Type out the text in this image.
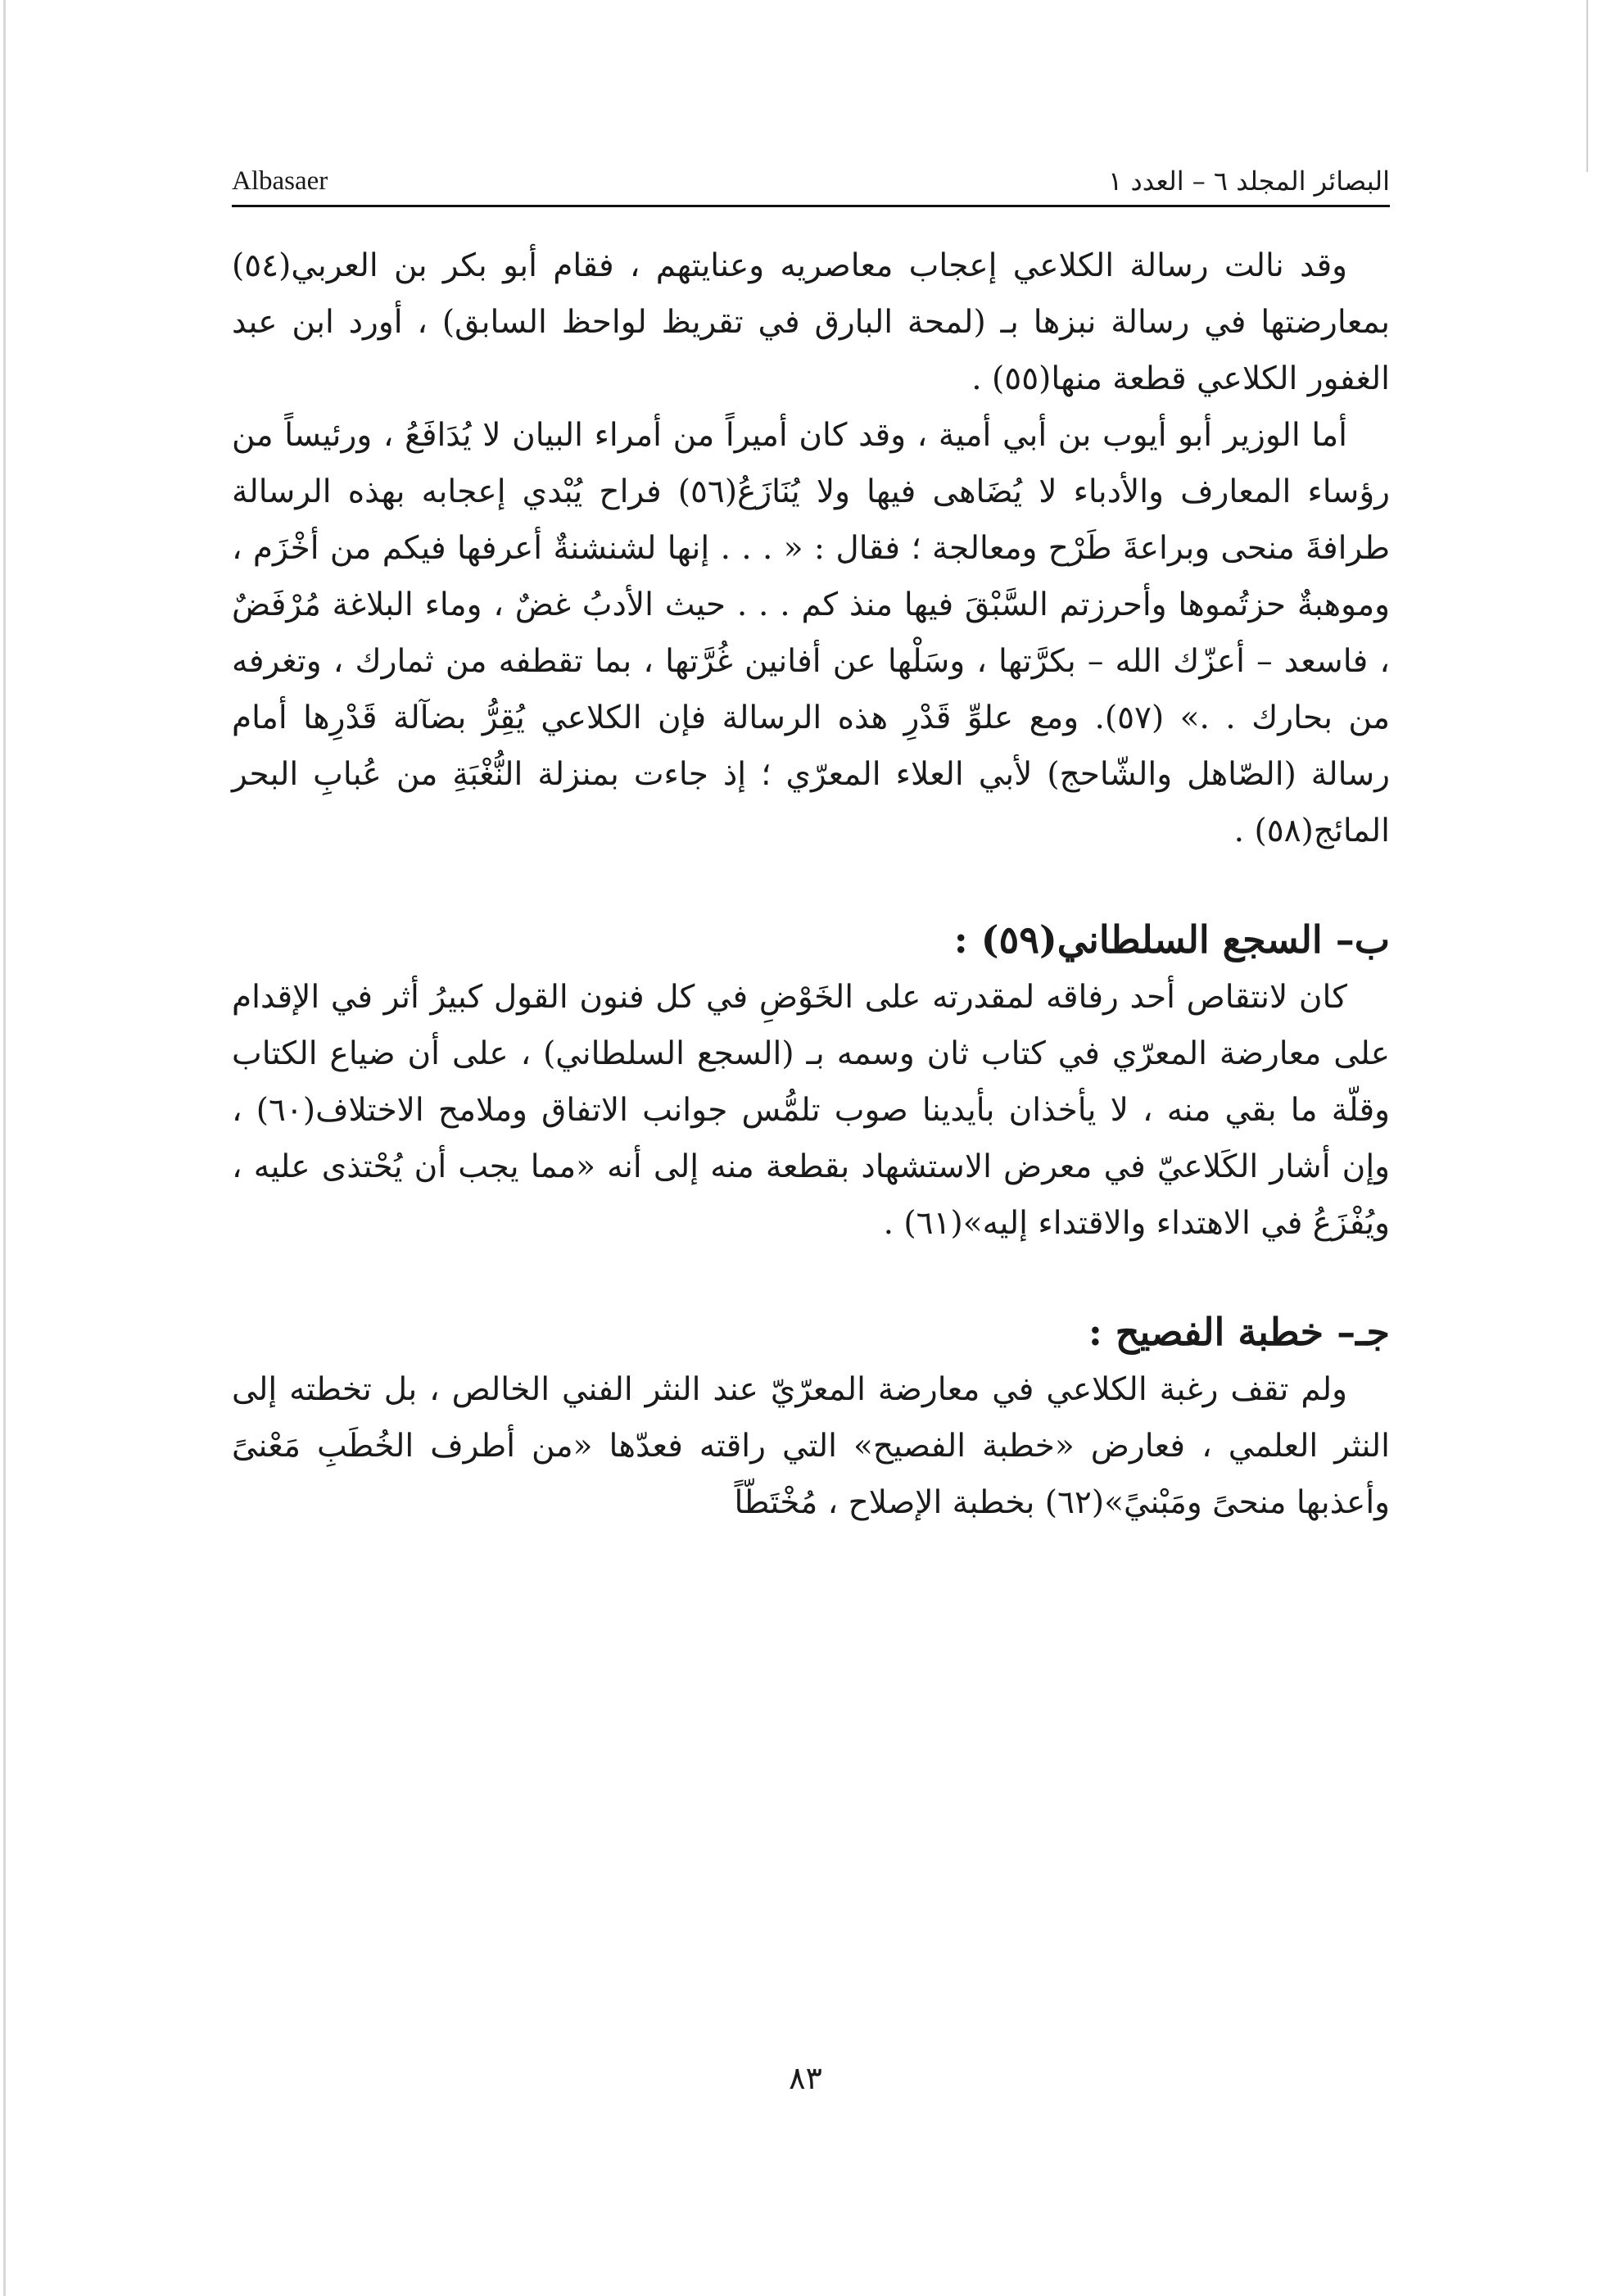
Albasaer	البصائر المجلد ٦ – العدد ١

وقد نالت رسالة الكلاعي إعجاب معاصريه وعنايتهم ، فقام أبو بكر بن العربي(٥٤) بمعارضتها في رسالة نبزها بـ (لمحة البارق في تقريظ لواحظ السابق) ، أورد ابن عبد الغفور الكلاعي قطعة منها(٥٥) .

أما الوزير أبو أيوب بن أبي أمية ، وقد كان أميراً من أمراء البيان لا يُدَافَعُ ، ورئيساً من رؤساء المعارف والأدباء لا يُضَاهى فيها ولا يُنَازَعُ(٥٦) فراح يُبْدي إعجابه بهذه الرسالة طرافةَ منحى وبراعةَ طَرْح ومعالجة ؛ فقال : « . . . إنها لشنشنةٌ أعرفها فيكم من أخْزَم ، وموهبةٌ حزتُموها وأحرزتم السَّبْقَ فيها منذ كم . . . حيث الأدبُ غضٌ ، وماء البلاغة مُرْفَضٌ ، فاسعد – أعزّك الله – بكرَّتها ، وسَلْها عن أفانين غُرَّتها ، بما تقطفه من ثمارك ، وتغرفه من بحارك . .» (٥٧). ومع علوِّ قَدْرِ هذه الرسالة فإن الكلاعي يُقِرُّ بضآلة قَدْرِها أمام رسالة (الصّاهل والشّاحج) لأبي العلاء المعرّي ؛ إذ جاءت بمنزلة النُّغْبَةِ من عُبابِ البحر المائج(٥٨) .

ب– السجع السلطاني(٥٩) :

كان لانتقاص أحد رفاقه لمقدرته على الخَوْضِ في كل فنون القول كبيرُ أثر في الإقدام على معارضة المعرّي في كتاب ثان وسمه بـ (السجع السلطاني) ، على أن ضياع الكتاب وقلّة ما بقي منه ، لا يأخذان بأيدينا صوب تلمُّس جوانب الاتفاق وملامح الاختلاف(٦٠) ، وإن أشار الكَلاعيّ في معرض الاستشهاد بقطعة منه إلى أنه «مما يجب أن يُحْتذى عليه ، ويُفْزَعُ في الاهتداء والاقتداء إليه»(٦١) .

جـ– خطبة الفصيح :

ولم تقف رغبة الكلاعي في معارضة المعرّيّ عند النثر الفني الخالص ، بل تخطته إلى النثر العلمي ، فعارض «خطبة الفصيح» التي راقته فعدّها «من أطرف الخُطَبِ مَعْنىً وأعذبها منحىً ومَبْنيً»(٦٢) بخطبة الإصلاح ، مُخْتَطّاً

٨٣
